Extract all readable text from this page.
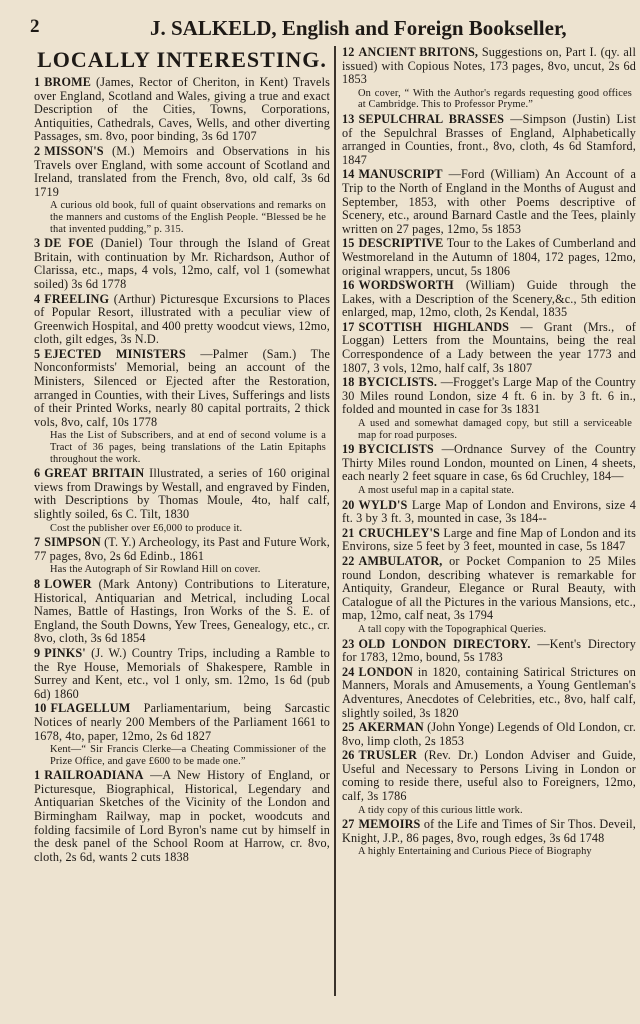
2	J. SALKELD, English and Foreign Bookseller,
LOCALLY INTERESTING.
1 BROME (James, Rector of Cheriton, in Kent) Travels over England, Scotland and Wales, giving a true and exact Description of the Cities, Towns, Corporations, Antiquities, Cathedrals, Caves, Wells, and other diverting Passages, sm. 8vo, poor binding, 3s 6d 1707
2 MISSON'S (M.) Memoirs and Observations in his Travels over England, with some account of Scotland and Ireland, translated from the French, 8vo, old calf, 3s 6d 1719
A curious old book, full of quaint observations and remarks on the manners and customs of the English People. “Blessed be he that invented pudding,” p. 315.
3 DE FOE (Daniel) Tour through the Island of Great Britain, with continuation by Mr. Richardson, Author of Clarissa, etc., maps, 4 vols, 12mo, calf, vol 1 (somewhat soiled) 3s 6d 1778
4 FREELING (Arthur) Picturesque Excursions to Places of Popular Resort, illustrated with a peculiar view of Greenwich Hospital, and 400 pretty woodcut views, 12mo, cloth, gilt edges, 3s N.D.
5 EJECTED MINISTERS —Palmer (Sam.) The Nonconformists' Memorial, being an account of the Ministers, Silenced or Ejected after the Restoration, arranged in Counties, with their Lives, Sufferings and lists of their Printed Works, nearly 80 capital portraits, 2 thick vols, 8vo, calf, 10s 1778
Has the List of Subscribers, and at end of second volume is a Tract of 36 pages, being translations of the Latin Epitaphs throughout the work.
6 GREAT BRITAIN Illustrated, a series of 160 original views from Drawings by Westall, and engraved by Finden, with Descriptions by Thomas Moule, 4to, half calf, slightly soiled, 6s C. Tilt, 1830
Cost the publisher over £6,000 to produce it.
7 SIMPSON (T. Y.) Archeology, its Past and Future Work, 77 pages, 8vo, 2s 6d Edinb., 1861
Has the Autograph of Sir Rowland Hill on cover.
8 LOWER (Mark Antony) Contributions to Literature, Historical, Antiquarian and Metrical, including Local Names, Battle of Hastings, Iron Works of the S. E. of England, the South Downs, Yew Trees, Genealogy, etc., cr. 8vo, cloth, 3s 6d 1854
9 PINKS' (J. W.) Country Trips, including a Ramble to the Rye House, Memorials of Shakespere, Ramble in Surrey and Kent, etc., vol 1 only, sm. 12mo, 1s 6d (pub 6d) 1860
10 FLAGELLUM Parliamentarium, being Sarcastic Notices of nearly 200 Members of the Parliament 1661 to 1678, 4to, paper, 12mo, 2s 6d 1827
Kent—“ Sir Francis Clerke—a Cheating Commissioner of the Prize Office, and gave £600 to be made one.”
1 RAILROADIANA —A New History of England, or Picturesque, Biographical, Historical, Legendary and Antiquarian Sketches of the Vicinity of the London and Birmingham Railway, map in pocket, woodcuts and folding facsimile of Lord Byron's name cut by himself in the desk panel of the School Room at Harrow, cr. 8vo, cloth, 2s 6d, wants 2 cuts 1838
12 ANCIENT BRITONS, Suggestions on, Part I. (qy. all issued) with Copious Notes, 173 pages, 8vo, uncut, 2s 6d 1853
On cover, “ With the Author's regards requesting good offices at Cambridge. This to Professor Pryme.”
13 SEPULCHRAL BRASSES —Simpson (Justin) List of the Sepulchral Brasses of England, Alphabetically arranged in Counties, front., 8vo, cloth, 4s 6d Stamford, 1847
14 MANUSCRIPT —Ford (William) An Account of a Trip to the North of England in the Months of August and September, 1853, with other Poems descriptive of Scenery, etc., around Barnard Castle and the Tees, plainly written on 27 pages, 12mo, 5s 1853
15 DESCRIPTIVE Tour to the Lakes of Cumberland and Westmoreland in the Autumn of 1804, 172 pages, 12mo, original wrappers, uncut, 5s 1806
16 WORDSWORTH (William) Guide through the Lakes, with a Description of the Scenery,&c., 5th edition enlarged, map, 12mo, cloth, 2s Kendal, 1835
17 SCOTTISH HIGHLANDS — Grant (Mrs., of Loggan) Letters from the Mountains, being the real Correspondence of a Lady between the year 1773 and 1807, 3 vols, 12mo, half calf, 3s 1807
18 BYCICLISTS. —Frogget's Large Map of the Country 30 Miles round London, size 4 ft. 6 in. by 3 ft. 6 in., folded and mounted in case for 3s 1831
A used and somewhat damaged copy, but still a serviceable map for road purposes.
19 BYCICLISTS —Ordnance Survey of the Country Thirty Miles round London, mounted on Linen, 4 sheets, each nearly 2 feet square in case, 6s 6d Cruchley, 184—
A most useful map in a capital state.
20 WYLD'S Large Map of London and Environs, size 4 ft. 3 by 3 ft. 3, mounted in case, 3s 184--
21 CRUCHLEY'S Large and fine Map of London and its Environs, size 5 feet by 3 feet, mounted in case, 5s 1847
22 AMBULATOR, or Pocket Companion to 25 Miles round London, describing whatever is remarkable for Antiquity, Grandeur, Elegance or Rural Beauty, with Catalogue of all the Pictures in the various Mansions, etc., map, 12mo, calf neat, 3s 1794
A tall copy with the Topographical Queries.
23 OLD LONDON DIRECTORY. —Kent's Directory for 1783, 12mo, bound, 5s 1783
24 LONDON in 1820, containing Satirical Strictures on Manners, Morals and Amusements, a Young Gentleman's Adventures, Anecdotes of Celebrities, etc., 8vo, half calf, slightly soiled, 3s 1820
25 AKERMAN (John Yonge) Legends of Old London, cr. 8vo, limp cloth, 2s 1853
26 TRUSLER (Rev. Dr.) London Adviser and Guide, Useful and Necessary to Persons Living in London or coming to reside there, useful also to Foreigners, 12mo, calf, 3s 1786
A tidy copy of this curious little work.
27 MEMOIRS of the Life and Times of Sir Thos. Deveil, Knight, J.P., 86 pages, 8vo, rough edges, 3s 6d 1748
A highly Entertaining and Curious Piece of Biography
